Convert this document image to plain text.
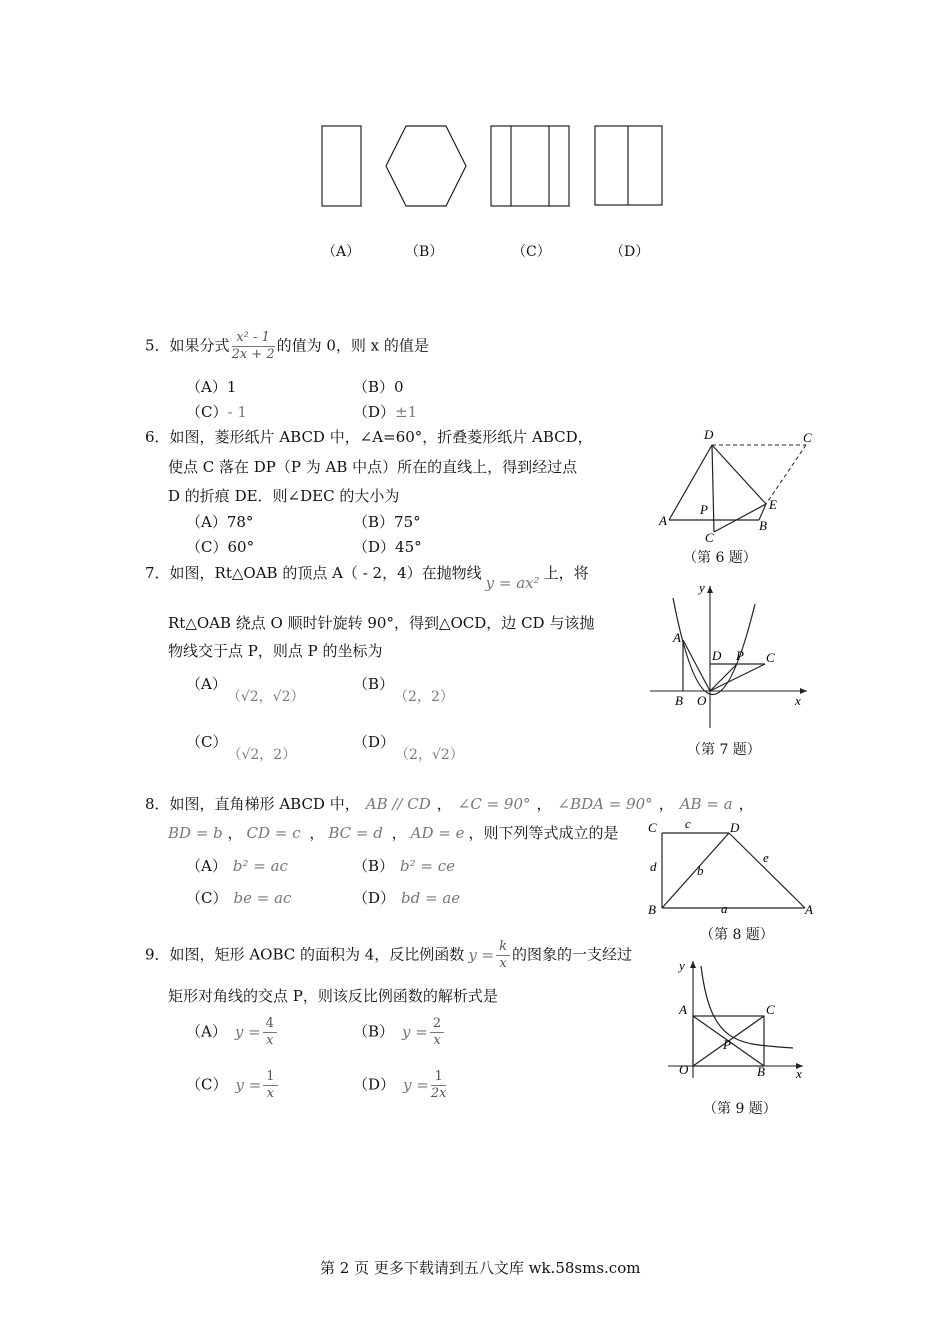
（A）	（B）	（C）	（D）
5．如果分式 $\frac{\text{x² - 1}}{2x + 2}$ 的值为 0，则 x 的值是
（A）1	（B）0
（C）- 1	（D）±1
6．如图，菱形纸片 ABCD 中，∠A=60°，折叠菱形纸片 ABCD，
使点 C 落在 DP（P 为 AB 中点）所在的直线上，得到经过点
D 的折痕 DE．则∠DEC 的大小为
（A）78°	（B）75°
（C）60°	（D）45°
D	C
A
P
B
E
C
（第 6 题）
7．如图，Rt△OAB 的顶点 A（ - 2，4）在抛物线y = ax²上，将
Rt△OAB 绕点 O 顺时针旋转 90°，得到△OCD，边 CD 与该抛
物线交于点 P，则点 P 的坐标为
（A）（√2，√2）
（B）（2，2）
（C）（√2，2）
（D）（2，√2）
y
A
D P C
B O	x
（第 7 题）
8．如图，直角梯形 ABCD 中， AB // CD ， ∠C = 90° ， ∠BDA = 90° ， AB = a ，
BD = b ， CD = c ， BC = d ， AD = e ，则下列等式成立的是
（A） b² = ac	（B） b² = ce
（C） be = ac	（D） bd = ae
C c	D
d	b
e
B	a	A
（第 8 题）
9．如图，矩形 AOBC 的面积为 4，反比例函数 $y = \frac{k}{x}$ 的图象的一支经过
矩形对角线的交点 P，则该反比例函数的解析式是
（A） $y = \frac{4}{x}$	（B） $y = \frac{2}{x}$
（C） $y = \frac{1}{x}$	（D） $y = \frac{1}{2x}$
y
A	C
P
O	B x
（第 9 题）
第 2 页 更多下载请到五八文库 wk.58sms.com
